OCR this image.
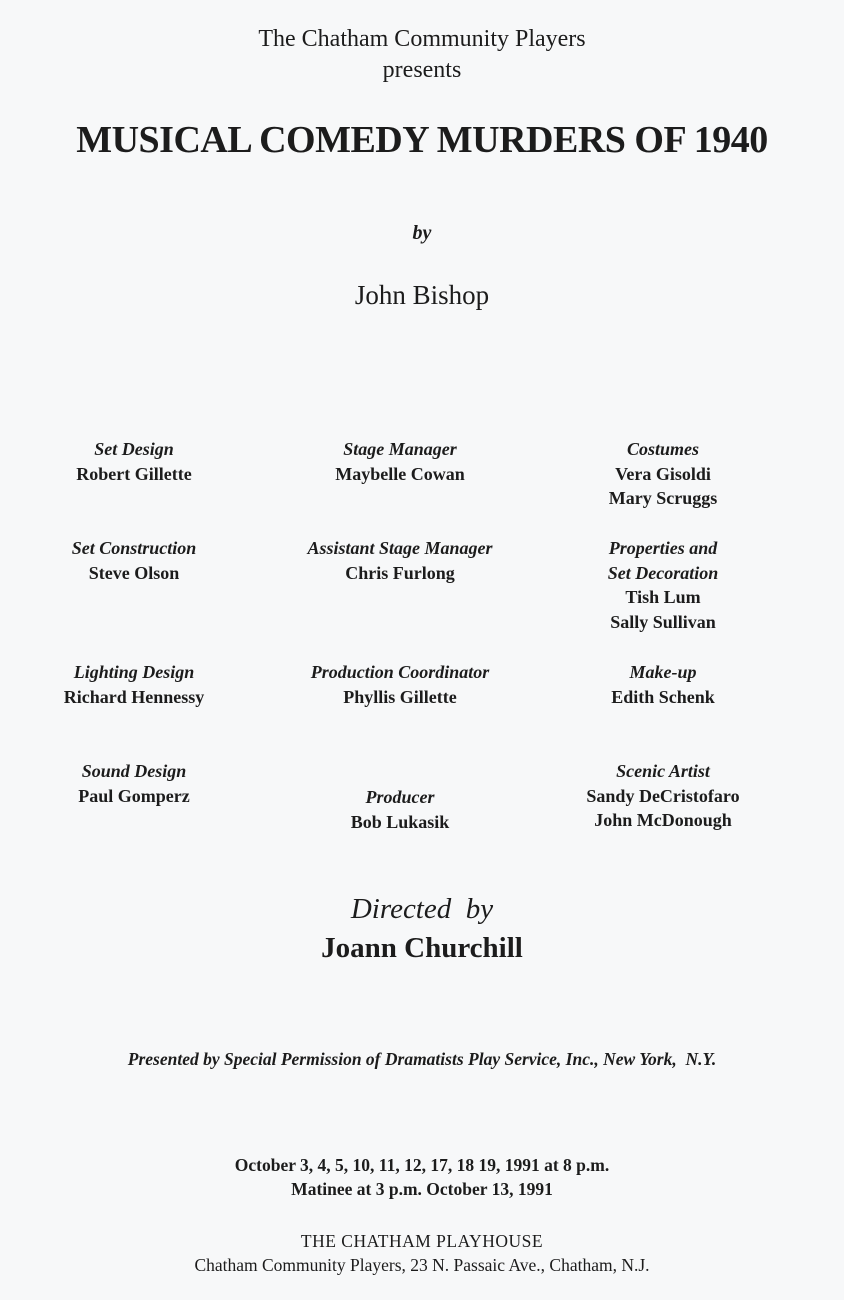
The Chatham Community Players
presents
MUSICAL COMEDY MURDERS OF 1940
by
John Bishop
Set Design
Robert Gillette
Stage Manager
Maybelle Cowan
Costumes
Vera Gisoldi
Mary Scruggs
Set Construction
Steve Olson
Assistant Stage Manager
Chris Furlong
Properties and
Set Decoration
Tish Lum
Sally Sullivan
Lighting Design
Richard Hennessy
Production Coordinator
Phyllis Gillette
Make-up
Edith Schenk
Sound Design
Paul Gomperz	Producer
Bob Lukasik
Scenic Artist
Sandy DeCristofaro
John McDonough
Directed  by
Joann Churchill
Presented by Special Permission of Dramatists Play Service, Inc., New York,  N.Y.
October 3, 4, 5, 10, 11, 12, 17, 18 19, 1991 at 8 p.m.
Matinee at 3 p.m. October 13, 1991
THE CHATHAM PLAYHOUSE
Chatham Community Players, 23 N. Passaic Ave., Chatham, N.J.
